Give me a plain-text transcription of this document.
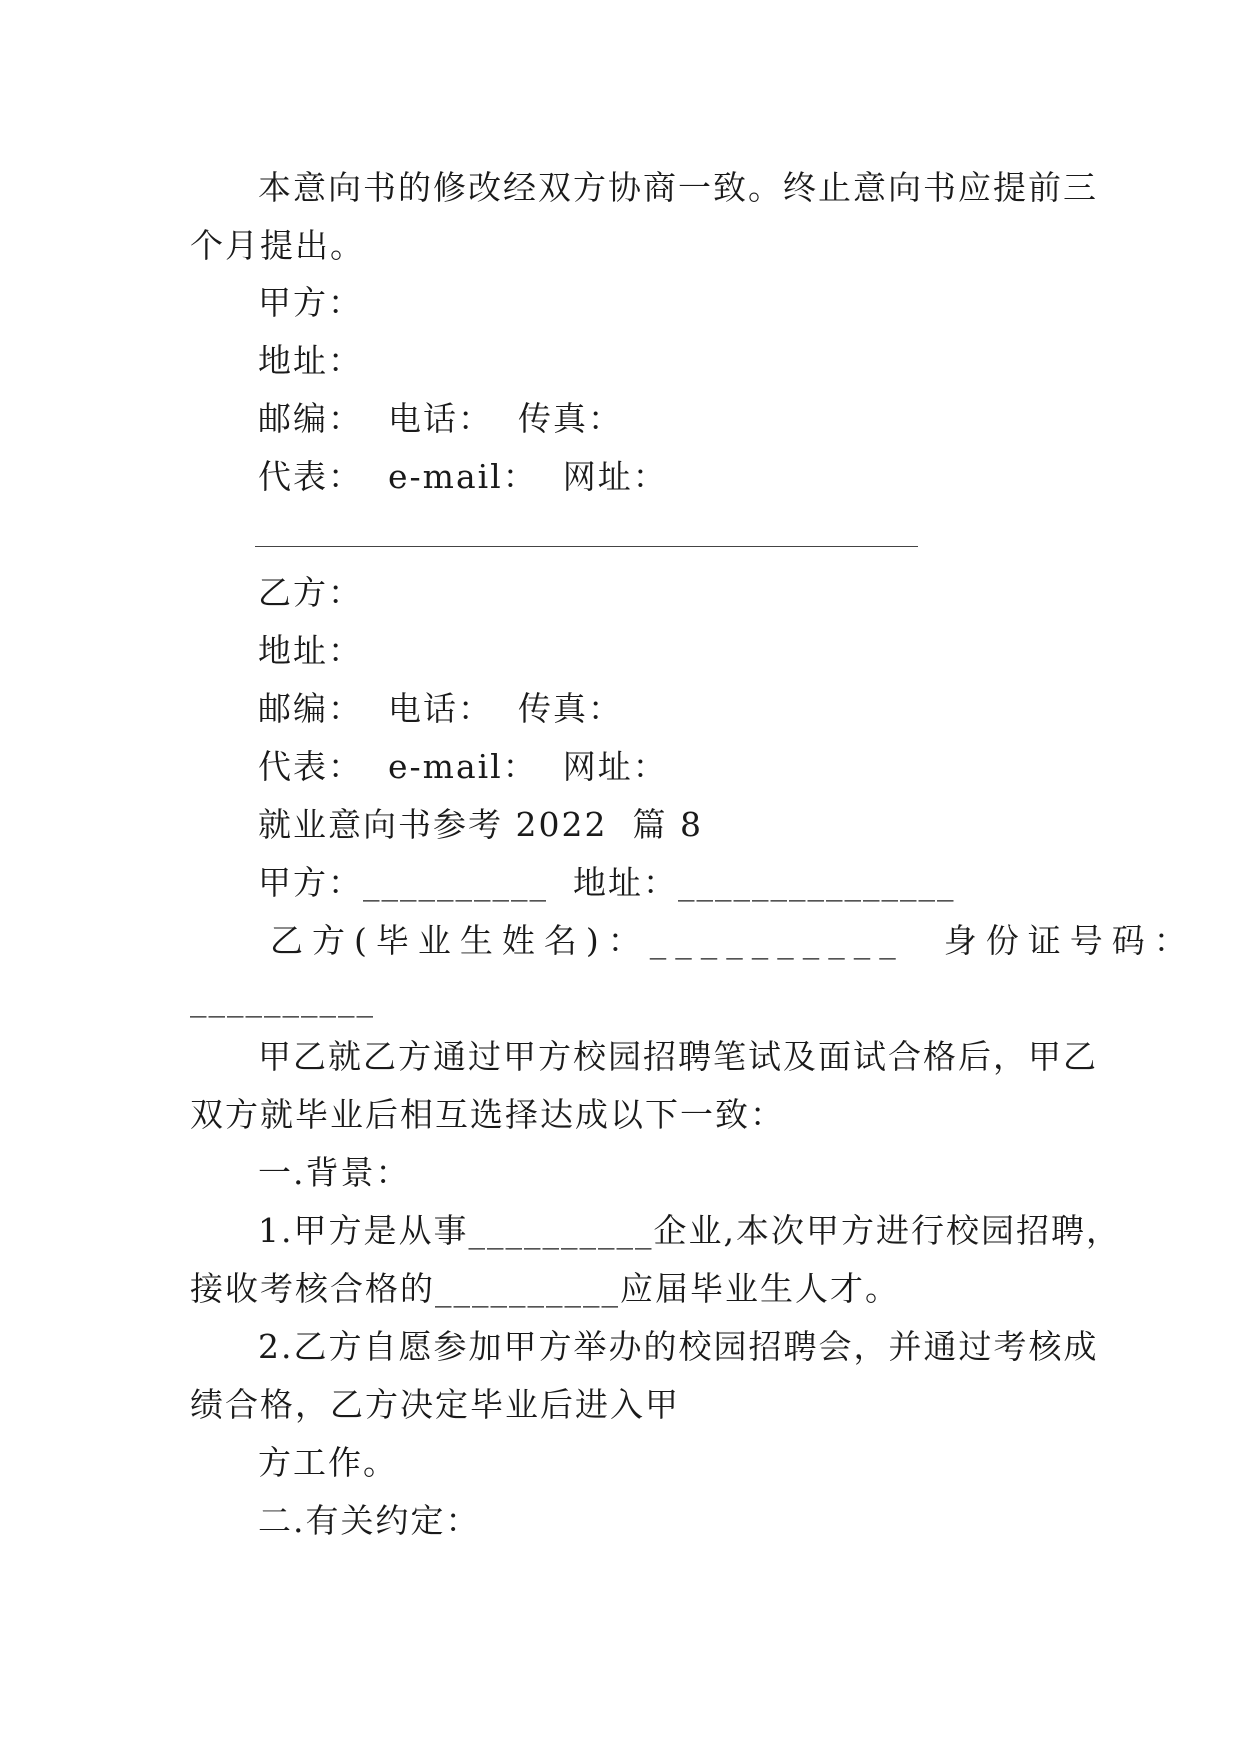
本意向书的修改经双方协商一致。终止意向书应提前三
个月提出。
甲方：
地址：
邮编：  电话：  传真：
代表：  e-mail：  网址：
乙方：
地址：
邮编：  电话：  传真：
代表：  e-mail：  网址：
就业意向书参考 2022  篇 8
甲方：__________  地址：_______________
乙方(毕业生姓名)：__________  身份证号码：
__________
甲乙就乙方通过甲方校园招聘笔试及面试合格后，甲乙
双方就毕业后相互选择达成以下一致：
一.背景：
1.甲方是从事__________企业,本次甲方进行校园招聘，
接收考核合格的__________应届毕业生人才。
2.乙方自愿参加甲方举办的校园招聘会，并通过考核成
绩合格，乙方决定毕业后进入甲
方工作。
二.有关约定：
